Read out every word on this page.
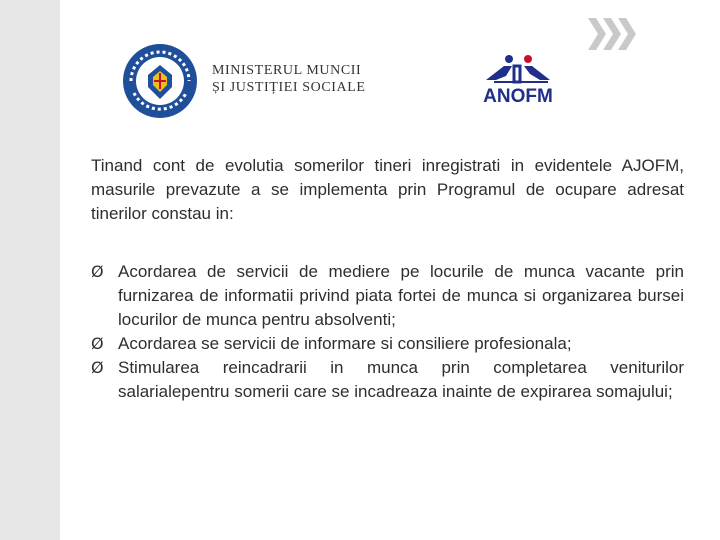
MINISTERUL MUNCII
ȘI JUSTIȚIEI SOCIALE	ANOFM

Tinand cont de evolutia somerilor tineri inregistrati in evidentele AJOFM, masurile prevazute a se implementa prin Programul de ocupare adresat tinerilor constau in:

Ø Acordarea de servicii de mediere pe locurile de munca vacante prin furnizarea de informatii privind piata fortei de munca si organizarea bursei locurilor de munca pentru absolventi;
Ø Acordarea se servicii de informare si consiliere profesionala;
Ø Stimularea reincadrarii in munca prin completarea veniturilor salarialepentru somerii care se incadreaza inainte de expirarea somajului;
